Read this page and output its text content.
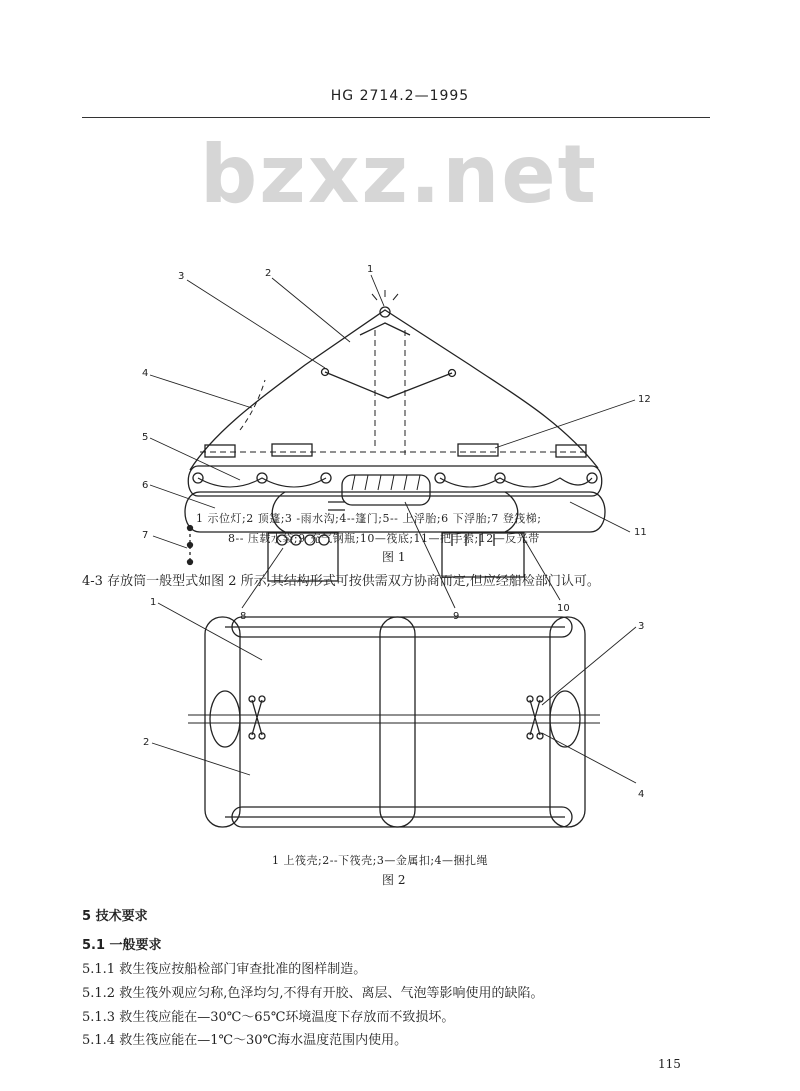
HG 2714.2—1995
bzxz.net
1
2
3
4
5
6
7
8	9
10
11
12
1 示位灯;2 顶篷;3 -雨水沟;4--篷门;5-- 上浮胎;6 下浮胎;7 登筏梯;
8-- 压载水袋;9 充气钢瓶;10—筏底;11—把手索;12—反光带
图 1
4-3 存放筒一般型式如图 2 所示,其结构形式可按供需双方协商而定,但应经船检部门认可。
1
2
3
4
1 上筏壳;2--下筏壳;3—金属扣;4—捆扎绳
图 2
5 技术要求
5.1 一般要求
5.1.1 救生筏应按船检部门审查批准的图样制造。
5.1.2 救生筏外观应匀称,色泽均匀,不得有开胶、离层、气泡等影响使用的缺陷。
5.1.3 救生筏应能在—30℃～65℃环境温度下存放而不致损坏。
5.1.4 救生筏应能在—1℃～30℃海水温度范围内使用。
115
